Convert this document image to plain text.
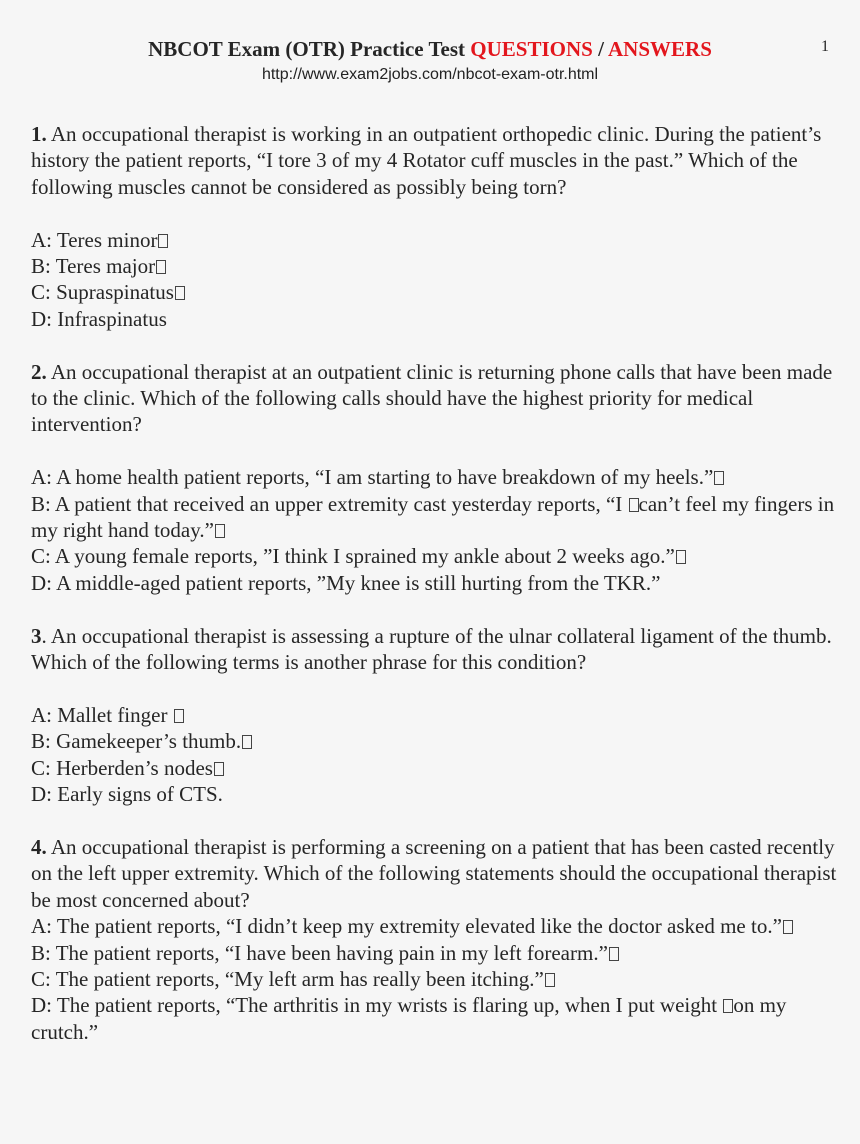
NBCOT Exam (OTR) Practice Test QUESTIONS / ANSWERS
http://www.exam2jobs.com/nbcot-exam-otr.html
1

1. An occupational therapist is working in an outpatient orthopedic clinic. During the patient’s history the patient reports, “I tore 3 of my 4 Rotator cuff muscles in the past.” Which of the following muscles cannot be considered as possibly being torn?

A: Teres minor

B: Teres major

C: Supraspinatus

D: Infraspinatus

2. An occupational therapist at an outpatient clinic is returning phone calls that have been made to the clinic. Which of the following calls should have the highest priority for medical intervention?

A: A home health patient reports, “I am starting to have breakdown of my heels.”

B: A patient that received an upper extremity cast yesterday reports, “I can’t feel my fingers in my right hand today.”

C: A young female reports, ”I think I sprained my ankle about 2 weeks ago.”

D: A middle-aged patient reports, ”My knee is still hurting from the TKR.”

3. An occupational therapist is assessing a rupture of the ulnar collateral ligament of the thumb. Which of the following terms is another phrase for this condition?

A: Mallet finger

B: Gamekeeper’s thumb.

C: Herberden’s nodes

D: Early signs of CTS.

4. An occupational therapist is performing a screening on a patient that has been casted recently on the left upper extremity. Which of the following statements should the occupational therapist be most concerned about?

A: The patient reports, “I didn’t keep my extremity elevated like the doctor asked me to.”

B: The patient reports, “I have been having pain in my left forearm.”

C: The patient reports, “My left arm has really been itching.”

D: The patient reports, “The arthritis in my wrists is flaring up, when I put weight on my crutch.”
